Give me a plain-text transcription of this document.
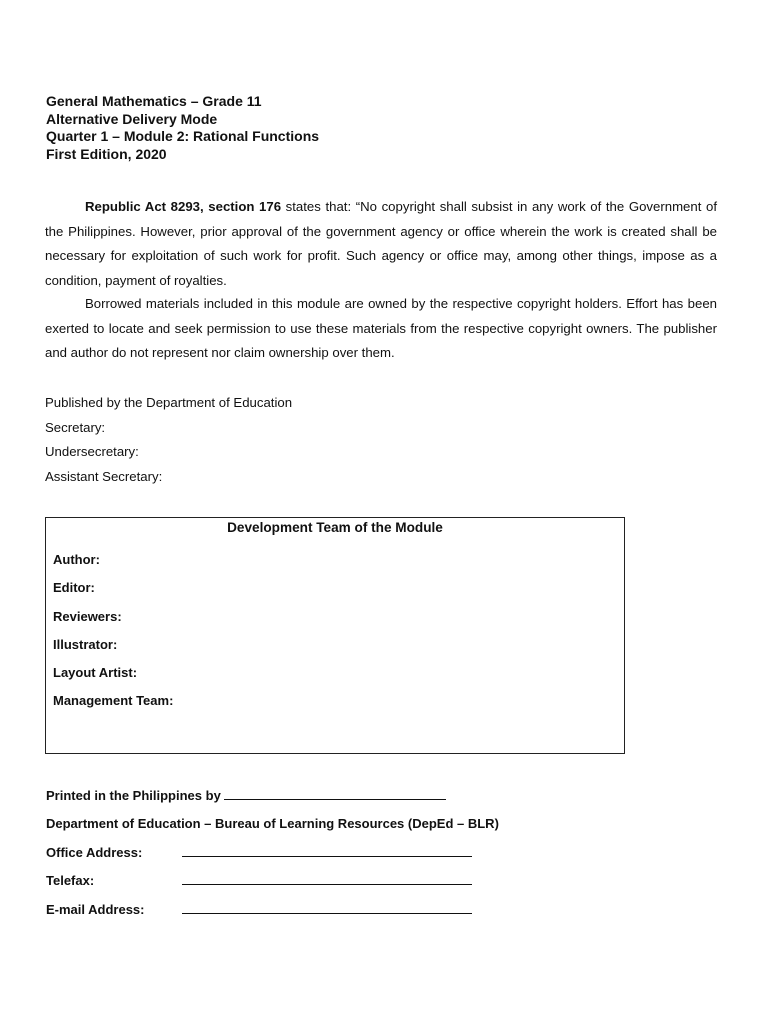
General Mathematics – Grade 11
Alternative Delivery Mode
Quarter 1 – Module 2: Rational Functions
First Edition, 2020

Republic Act 8293, section 176 states that: “No copyright shall subsist in any work of the Government of the Philippines. However, prior approval of the government agency or office wherein the work is created shall be necessary for exploitation of such work for profit. Such agency or office may, among other things, impose as a condition, payment of royalties.

Borrowed materials included in this module are owned by the respective copyright holders. Effort has been exerted to locate and seek permission to use these materials from the respective copyright owners. The publisher and author do not represent nor claim ownership over them.

Published by the Department of Education
Secretary:
Undersecretary:
Assistant Secretary:
Development Team of the Module
Author:
Editor:
Reviewers:
Illustrator:
Layout Artist:
Management Team:
Printed in the Philippines by
Department of Education – Bureau of Learning Resources (DepEd – BLR)
Office Address:
Telefax:
E-mail Address:
